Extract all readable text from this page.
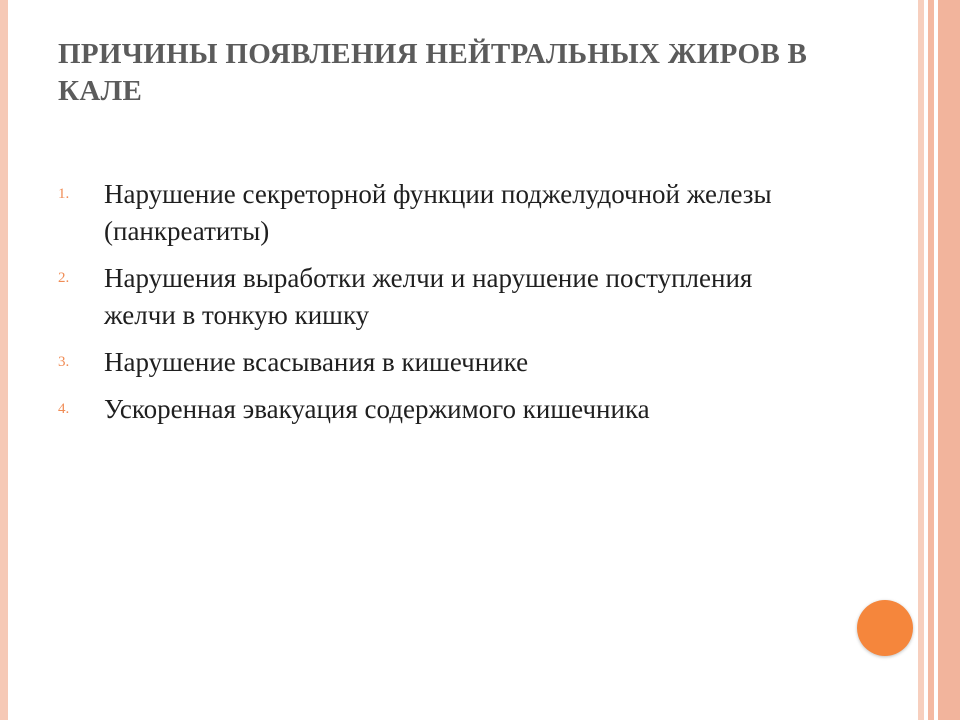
ПРИЧИНЫ ПОЯВЛЕНИЯ НЕЙТРАЛЬНЫХ ЖИРОВ В КАЛЕ
1.	Нарушение секреторной функции поджелудочной железы (панкреатиты)
2.	Нарушения выработки желчи и нарушение поступления желчи в тонкую кишку
3.	Нарушение всасывания в кишечнике
4.	Ускоренная эвакуация содержимого кишечника
